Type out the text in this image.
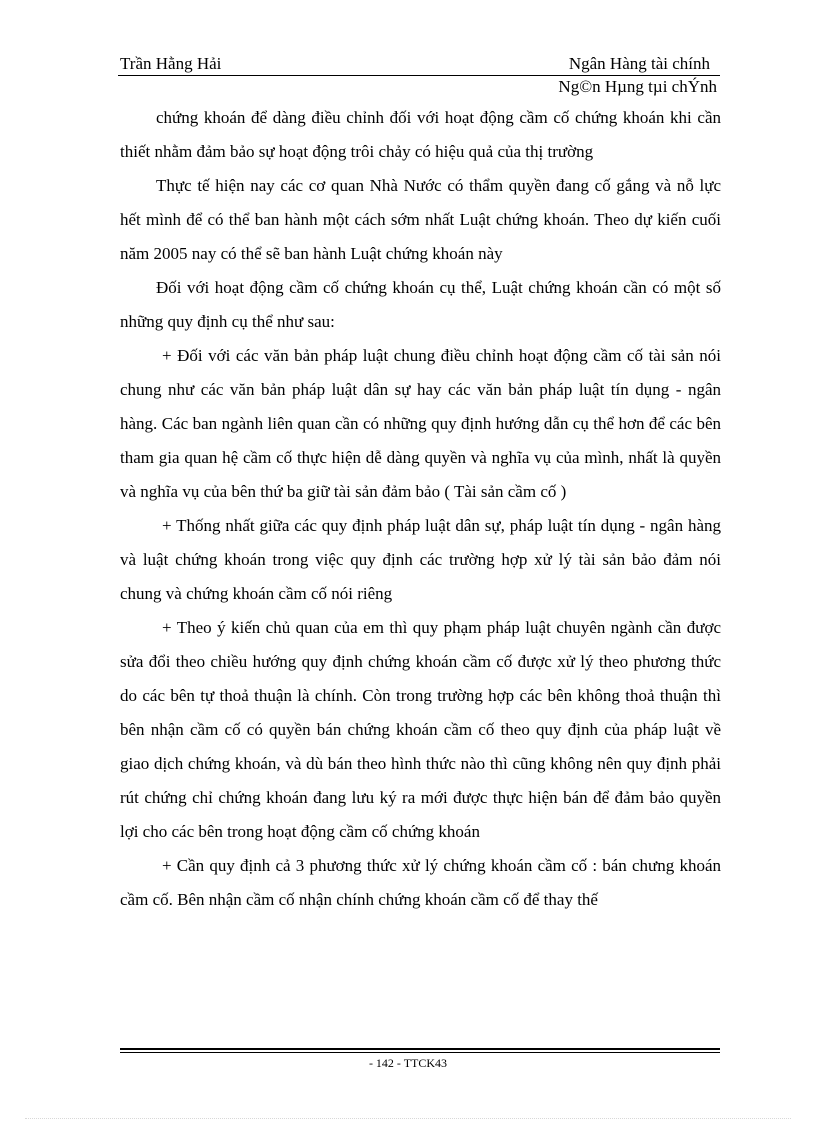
Trần Hằng Hải	Ngân Hàng tài chính
Ng©n Hµng tµi chÝnh

chứng khoán để dàng điều chỉnh đối với hoạt động cầm cố chứng khoán khi cần thiết nhằm đảm bảo sự hoạt động trôi chảy có hiệu quả của thị trường

Thực tế hiện nay các cơ quan Nhà Nước có thẩm quyền đang cố gắng và nỗ lực hết mình để có thể ban hành một cách sớm nhất Luật chứng khoán. Theo dự kiến cuối năm 2005 nay có thể sẽ ban hành Luật chứng khoán này

Đối với hoạt động cầm cố chứng khoán cụ thể, Luật chứng khoán cần có một số những quy định cụ thể như sau:

+ Đối với các văn bản pháp luật chung điều chỉnh hoạt động cầm cố tài sản nói chung như các văn bản pháp luật dân sự hay các văn bản pháp luật tín dụng - ngân hàng. Các ban ngành liên quan cần có những quy định hướng dẫn cụ thể hơn để các bên tham gia quan hệ cầm cố thực hiện dễ dàng quyền và nghĩa vụ của mình, nhất là quyền và nghĩa vụ của bên thứ ba giữ tài sản đảm bảo ( Tài sản cầm cố )

+ Thống nhất giữa các quy định pháp luật dân sự, pháp luật tín dụng - ngân hàng và luật chứng khoán trong việc quy định các trường hợp xử lý tài sản bảo đảm nói chung và chứng khoán cầm cố nói riêng

+ Theo ý kiến chủ quan của em thì quy phạm pháp luật chuyên ngành cần được sửa đổi theo chiều hướng quy định chứng khoán cầm cố được xử lý theo phương thức do các bên tự thoả thuận là chính. Còn trong trường hợp các bên không thoả thuận thì bên nhận cầm cố có quyền bán chứng khoán cầm cố theo quy định của pháp luật về giao dịch chứng khoán, và dù bán theo hình thức nào thì cũng không nên quy định phải rút chứng chỉ chứng khoán đang lưu ký ra mới được thực hiện bán để đảm bảo quyền lợi cho các bên trong hoạt động cầm cố chứng khoán

+ Cần quy định cả 3 phương thức xử lý chứng khoán cầm cố : bán chưng khoán cầm cố. Bên nhận cầm cố nhận chính chứng khoán cầm cố để thay thế

- 142 - TTCK43
